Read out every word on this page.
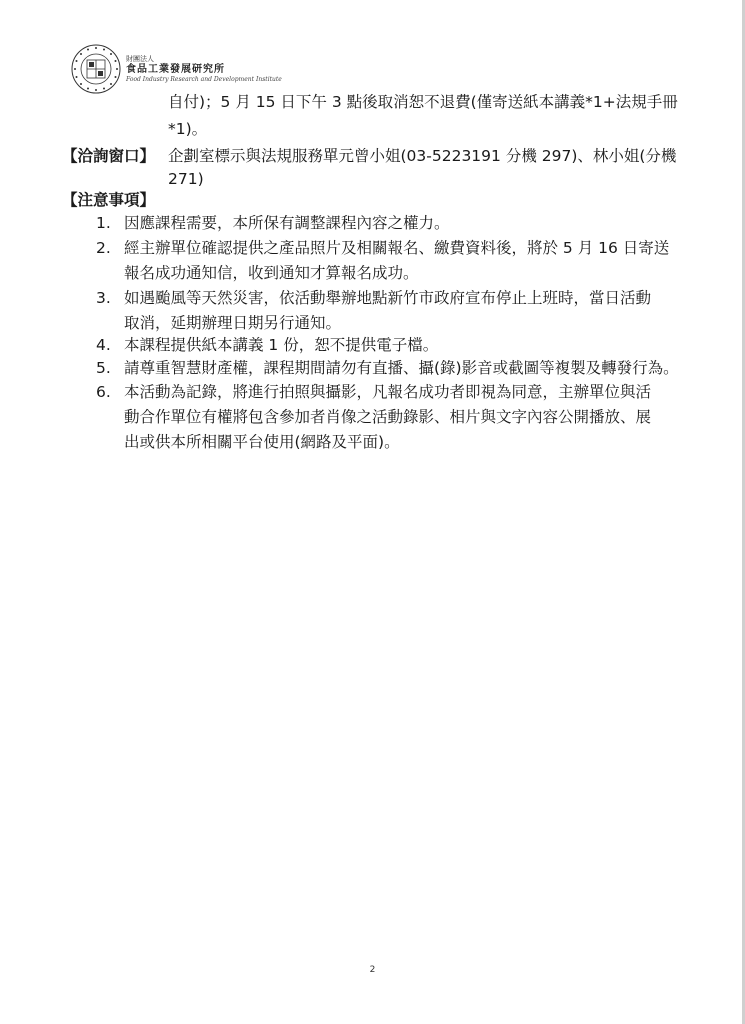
財團法人
食品工業發展研究所
Food Industry Research and Development Institute
自付)；5 月 15 日下午 3 點後取消恕不退費(僅寄送紙本講義*1+法規手冊
*1)。
【洽詢窗口】 企劃室標示與法規服務單元曾小姐(03-5223191 分機 297)、林小姐(分機
271)
【注意事項】
1. 因應課程需要，本所保有調整課程內容之權力。
2. 經主辦單位確認提供之產品照片及相關報名、繳費資料後，將於 5 月 16 日寄送
報名成功通知信，收到通知才算報名成功。
3. 如遇颱風等天然災害，依活動舉辦地點新竹市政府宣布停止上班時，當日活動
取消，延期辦理日期另行通知。
4. 本課程提供紙本講義 1 份，恕不提供電子檔。
5. 請尊重智慧財產權，課程期間請勿有直播、攝(錄)影音或截圖等複製及轉發行為。
6. 本活動為記錄，將進行拍照與攝影，凡報名成功者即視為同意，主辦單位與活
動合作單位有權將包含參加者肖像之活動錄影、相片與文字內容公開播放、展
出或供本所相關平台使用(網路及平面)。
2
